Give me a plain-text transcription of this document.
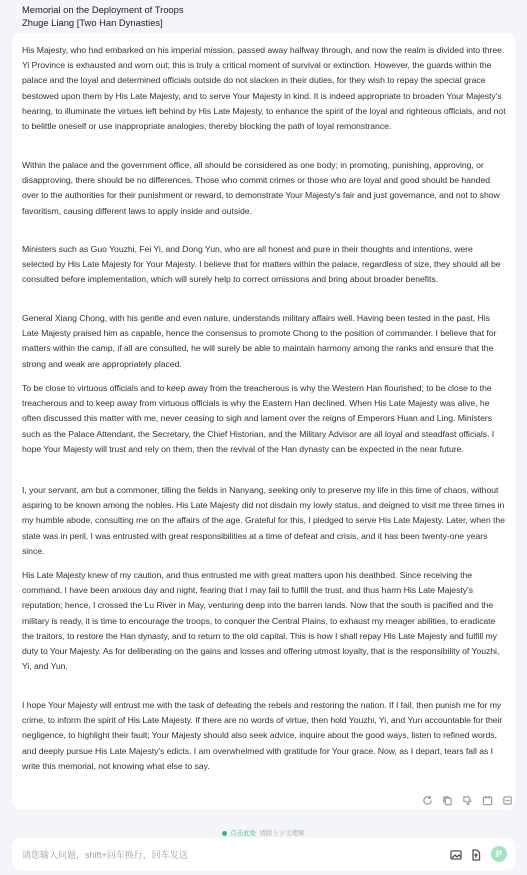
Memorial on the Deployment of Troops
Zhuge Liang [Two Han Dynasties]

His Majesty, who had embarked on his imperial mission, passed away halfway through, and now the realm is divided into three. Yi Province is exhausted and worn out; this is truly a critical moment of survival or extinction. However, the guards within the palace and the loyal and determined officials outside do not slacken in their duties, for they wish to repay the special grace bestowed upon them by His Late Majesty, and to serve Your Majesty in kind. It is indeed appropriate to broaden Your Majesty's hearing, to illuminate the virtues left behind by His Late Majesty, to enhance the spirit of the loyal and righteous officials, and not to belittle oneself or use inappropriate analogies, thereby blocking the path of loyal remonstrance.

Within the palace and the government office, all should be considered as one body; in promoting, punishing, approving, or disapproving, there should be no differences. Those who commit crimes or those who are loyal and good should be handed over to the authorities for their punishment or reward, to demonstrate Your Majesty's fair and just governance, and not to show favoritism, causing different laws to apply inside and outside.

Ministers such as Guo Youzhi, Fei Yi, and Dong Yun, who are all honest and pure in their thoughts and intentions, were selected by His Late Majesty for Your Majesty. I believe that for matters within the palace, regardless of size, they should all be consulted before implementation, which will surely help to correct omissions and bring about broader benefits.

General Xiang Chong, with his gentle and even nature, understands military affairs well. Having been tested in the past, His Late Majesty praised him as capable, hence the consensus to promote Chong to the position of commander. I believe that for matters within the camp, if all are consulted, he will surely be able to maintain harmony among the ranks and ensure that the strong and weak are appropriately placed.

To be close to virtuous officials and to keep away from the treacherous is why the Western Han flourished; to be close to the treacherous and to keep away from virtuous officials is why the Eastern Han declined. When His Late Majesty was alive, he often discussed this matter with me, never ceasing to sigh and lament over the reigns of Emperors Huan and Ling. Ministers such as the Palace Attendant, the Secretary, the Chief Historian, and the Military Advisor are all loyal and steadfast officials. I hope Your Majesty will trust and rely on them, then the revival of the Han dynasty can be expected in the near future.

I, your servant, am but a commoner, tilling the fields in Nanyang, seeking only to preserve my life in this time of chaos, without aspiring to be known among the nobles. His Late Majesty did not disdain my lowly status, and deigned to visit me three times in my humble abode, consulting me on the affairs of the age. Grateful for this, I pledged to serve His Late Majesty. Later, when the state was in peril, I was entrusted with great responsibilities at a time of defeat and crisis, and it has been twenty-one years since.

His Late Majesty knew of my caution, and thus entrusted me with great matters upon his deathbed. Since receiving the command, I have been anxious day and night, fearing that I may fail to fulfill the trust, and thus harm His Late Majesty's reputation; hence, I crossed the Lu River in May, venturing deep into the barren lands. Now that the south is pacified and the military is ready, it is time to encourage the troops, to conquer the Central Plains, to exhaust my meager abilities, to eradicate the traitors, to restore the Han dynasty, and to return to the old capital. This is how I shall repay His Late Majesty and fulfill my duty to Your Majesty. As for deliberating on the gains and losses and offering utmost loyalty, that is the responsibility of Youzhi, Yi, and Yun.

I hope Your Majesty will entrust me with the task of defeating the rebels and restoring the nation. If I fail, then punish me for my crime, to inform the spirit of His Late Majesty. If there are no words of virtue, then hold Youzhi, Yi, and Yun accountable for their negligence, to highlight their fault; Your Majesty should also seek advice, inquire about the good ways, listen to refined words, and deeply pursue His Late Majesty's edicts. I am overwhelmed with gratitude for Your grace. Now, as I depart, tears fall as I write this memorial, not knowing what else to say.

点击此处 清除上下文理解
请您输入问题，shift+回车换行，回车发送	P
